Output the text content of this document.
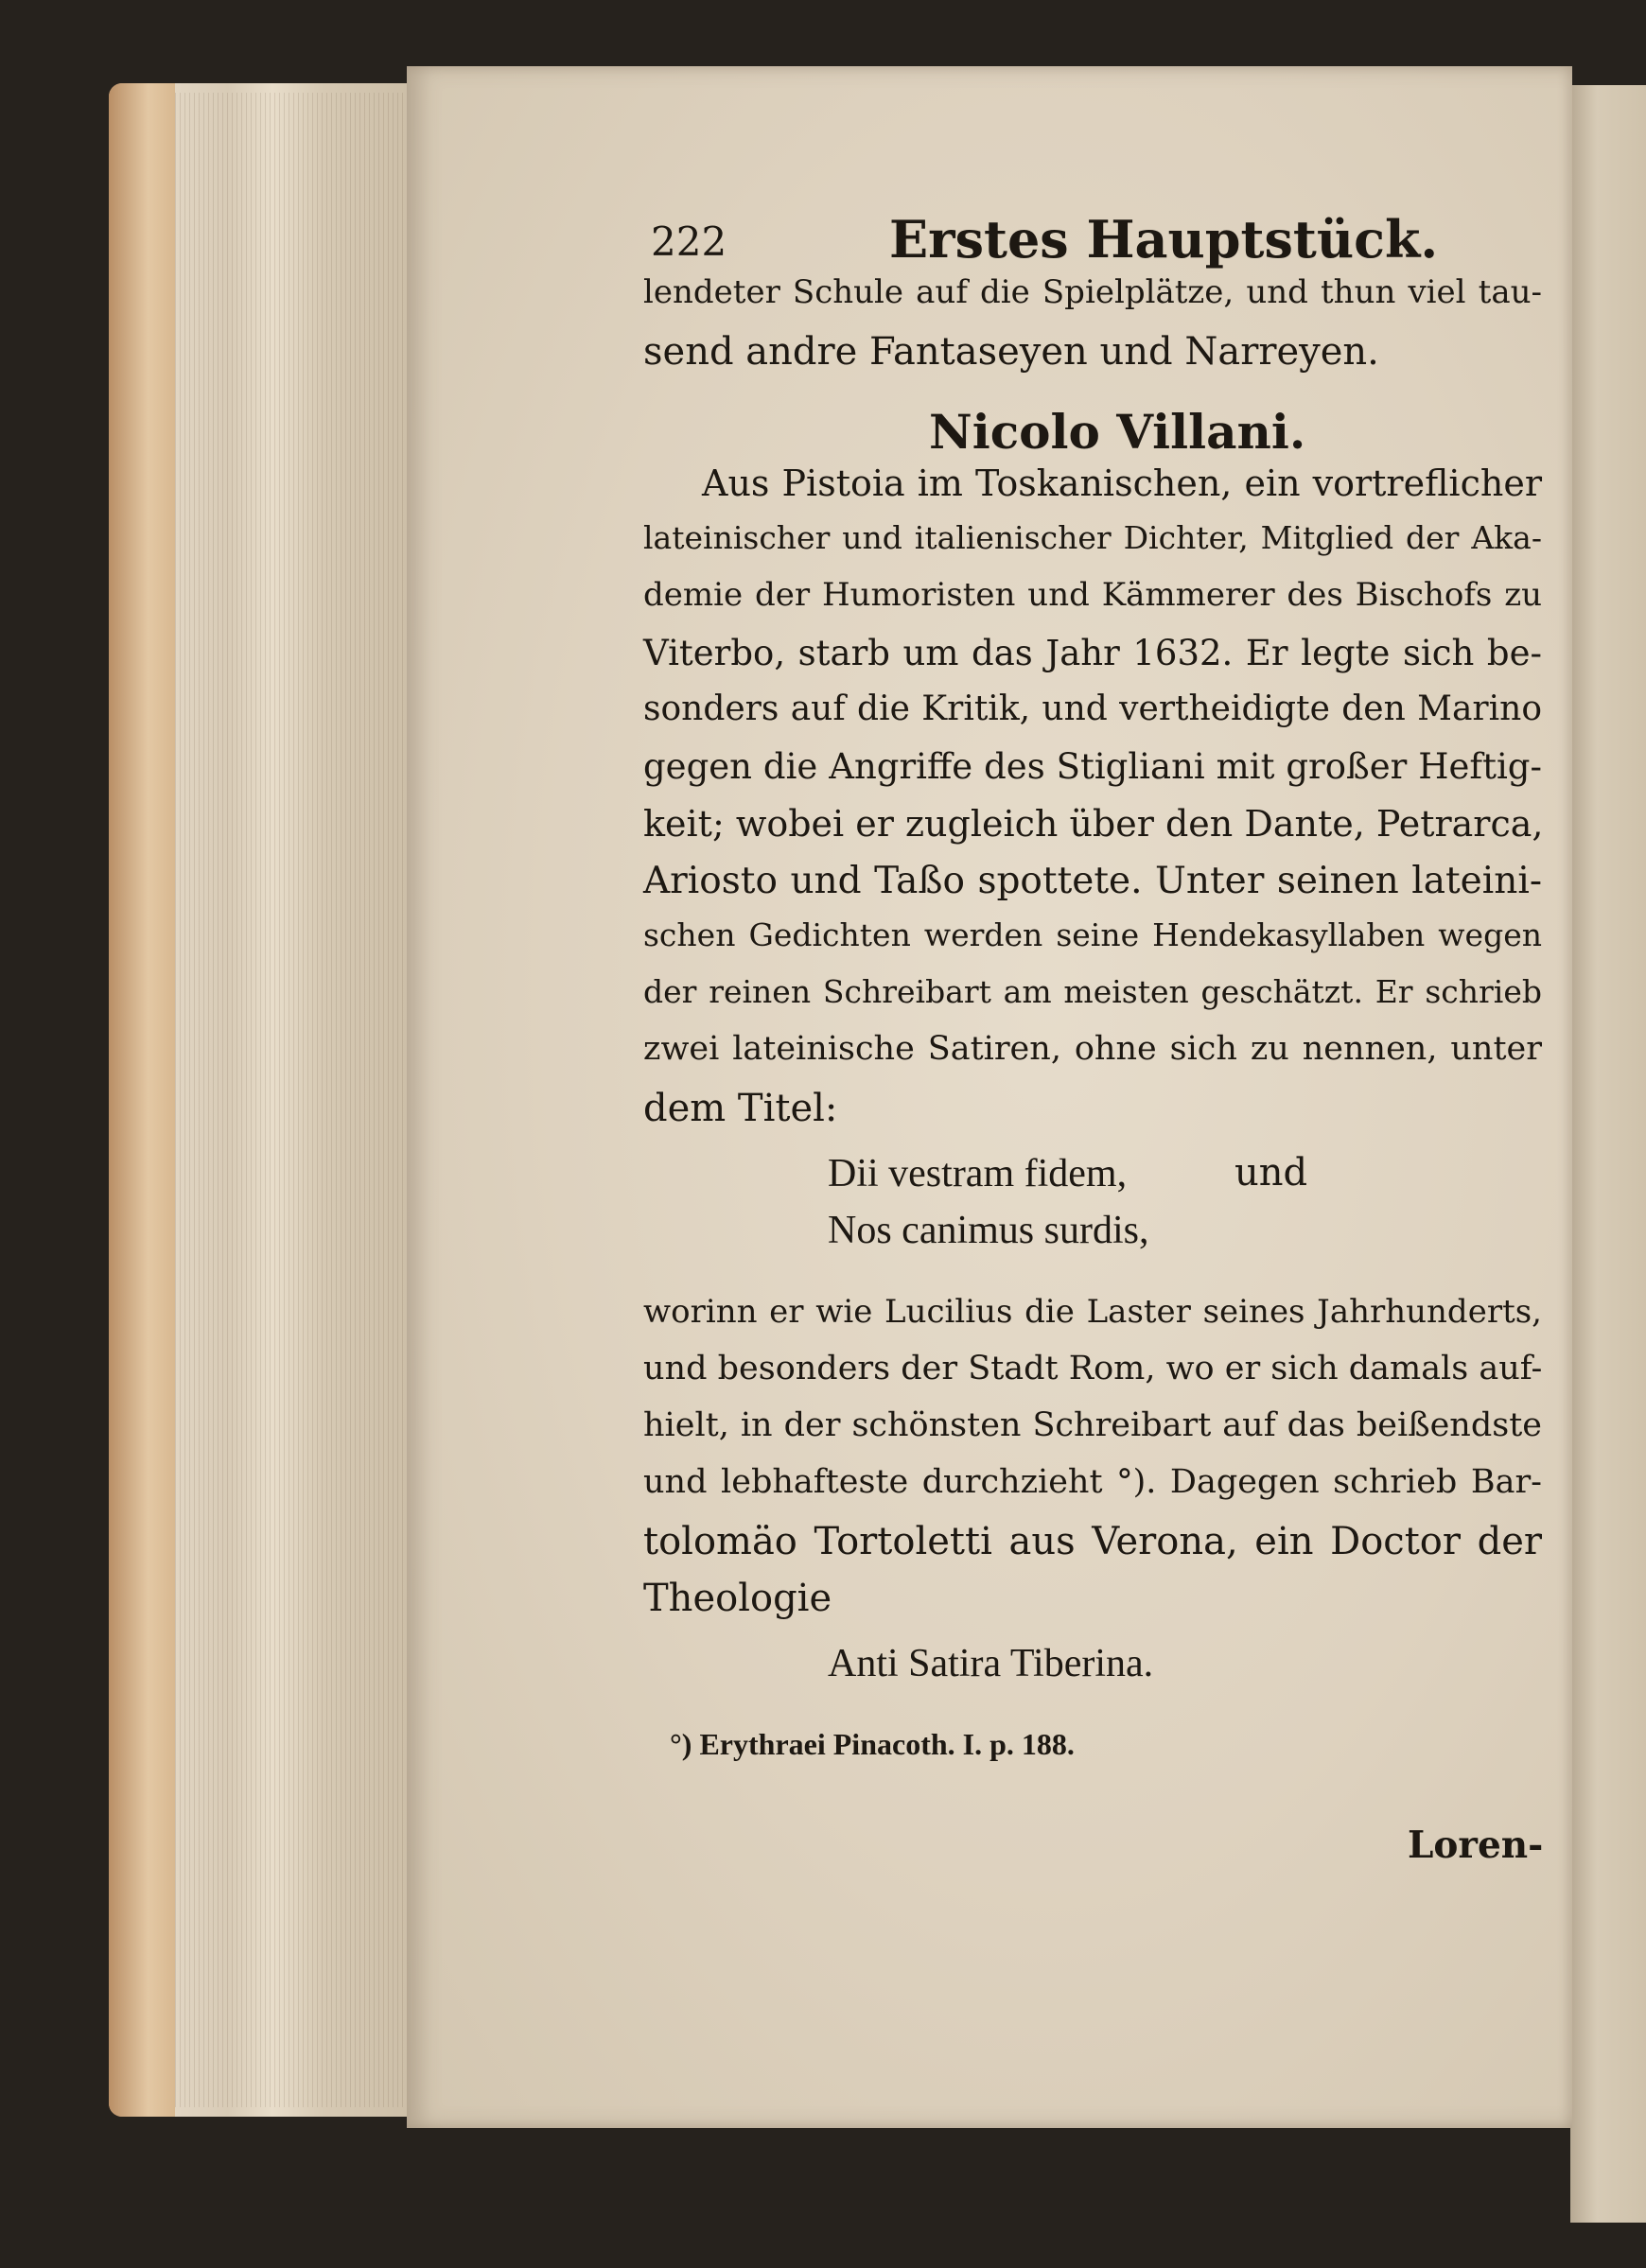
222	Erstes Hauptstück.

lendeter Schule auf die Spielplätze, und thun viel tau-

send andre Fantaseyen und Narreyen.

Nicolo Villani.

Aus Pistoia im Toskanischen, ein vortreflicher

lateinischer und italienischer Dichter, Mitglied der Aka-

demie der Humoristen und Kämmerer des Bischofs zu

Viterbo, starb um das Jahr 1632. Er legte sich be-

sonders auf die Kritik, und vertheidigte den Marino

gegen die Angriffe des Stigliani mit großer Heftig-

keit; wobei er zugleich über den Dante, Petrarca,

Ariosto und Taßo spottete. Unter seinen lateini-

schen Gedichten werden seine Hendekasyllaben wegen

der reinen Schreibart am meisten geschätzt. Er schrieb

zwei lateinische Satiren, ohne sich zu nennen, unter

dem Titel:

Dii vestram fidem,	und

Nos canimus surdis,

worinn er wie Lucilius die Laster seines Jahrhunderts,

und besonders der Stadt Rom, wo er sich damals auf-

hielt, in der schönsten Schreibart auf das beißendste

und lebhafteste durchzieht °). Dagegen schrieb Bar-

tolomäo Tortoletti aus Verona, ein Doctor der

Theologie

Anti Satira Tiberina.

°) Erythraei Pinacoth. I. p. 188.

Loren-
